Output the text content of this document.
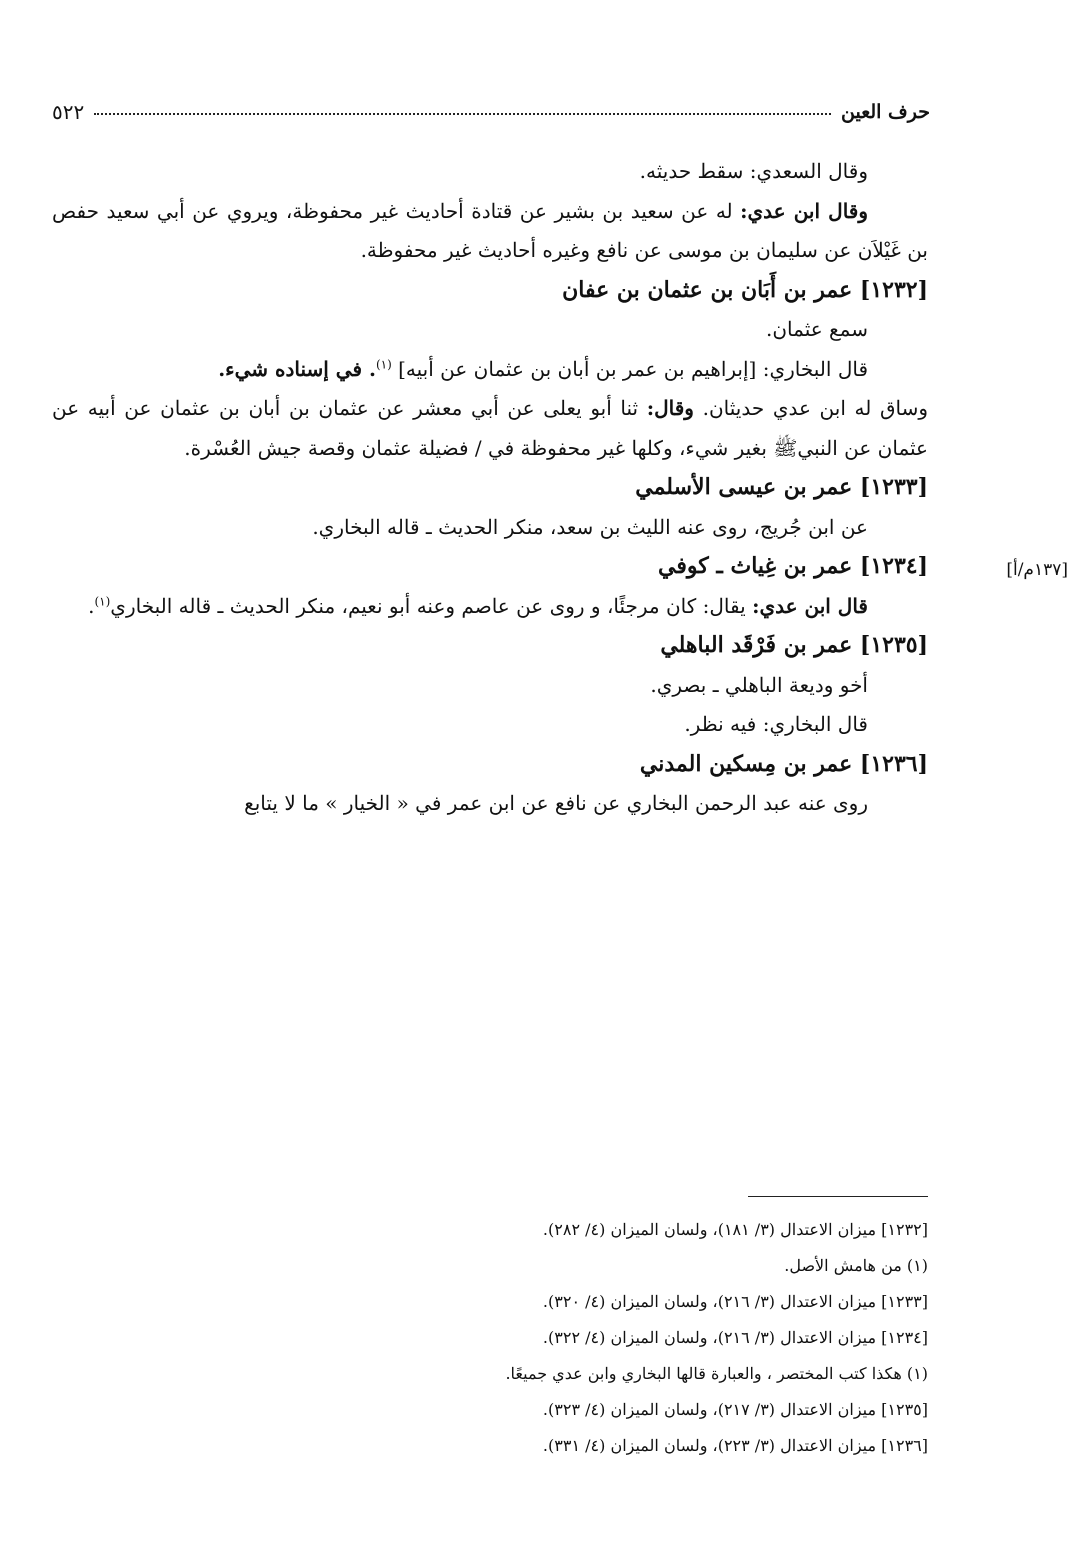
حرف العين
٥٢٢
[١٣٧م/أ]

وقال السعدي: سقط حديثه.

وقال ابن عدي: له عن سعيد بن بشير عن قتادة أحاديث غير محفوظة، ويروي عن أبي سعيد حفص بن غَيْلاَن عن سليمان بن موسى عن نافع وغيره أحاديث غير محفوظة.

[١٢٣٢] عمر بن أَبَان بن عثمان بن عفان

سمع عثمان.

قال البخاري: [إبراهيم بن عمر بن أبان بن عثمان عن أبيه] $^{(١)}$. في إسناده شيء.

وساق له ابن عدي حديثان. وقال: ثنا أبو يعلى عن أبي معشر عن عثمان بن أبان بن عثمان عن أبيه عن عثمان عن النبيﷺ بغير شيء، وكلها غير محفوظة في / فضيلة عثمان وقصة جيش العُسْرة.

[١٢٣٣] عمر بن عيسى الأسلمي

عن ابن جُريج، روى عنه الليث بن سعد، منكر الحديث ـ قاله البخاري.

[١٢٣٤] عمر بن غِياث ـ كوفي

قال ابن عدي: يقال: كان مرجئًا، و روى عن عاصم وعنه أبو نعيم، منكر الحديث ـ قاله البخاري$^{(١)}$.

[١٢٣٥] عمر بن فَرْقَد الباهلي

أخو وديعة الباهلي ـ بصري.

قال البخاري: فيه نظر.

[١٢٣٦] عمر بن مِسكين المدني

روى عنه عبد الرحمن البخاري عن نافع عن ابن عمر في « الخيار » ما لا يتابع

[١٢٣٢] ميزان الاعتدال (٣/ ١٨١)، ولسان الميزان (٤/ ٢٨٢).
(١) من هامش الأصل.
[١٢٣٣] ميزان الاعتدال (٣/ ٢١٦)، ولسان الميزان (٤/ ٣٢٠).
[١٢٣٤] ميزان الاعتدال (٣/ ٢١٦)، ولسان الميزان (٤/ ٣٢٢).
(١) هكذا كتب المختصر ، والعبارة قالها البخاري وابن عدي جميعًا.
[١٢٣٥] ميزان الاعتدال (٣/ ٢١٧)، ولسان الميزان (٤/ ٣٢٣).
[١٢٣٦] ميزان الاعتدال (٣/ ٢٢٣)، ولسان الميزان (٤/ ٣٣١).
